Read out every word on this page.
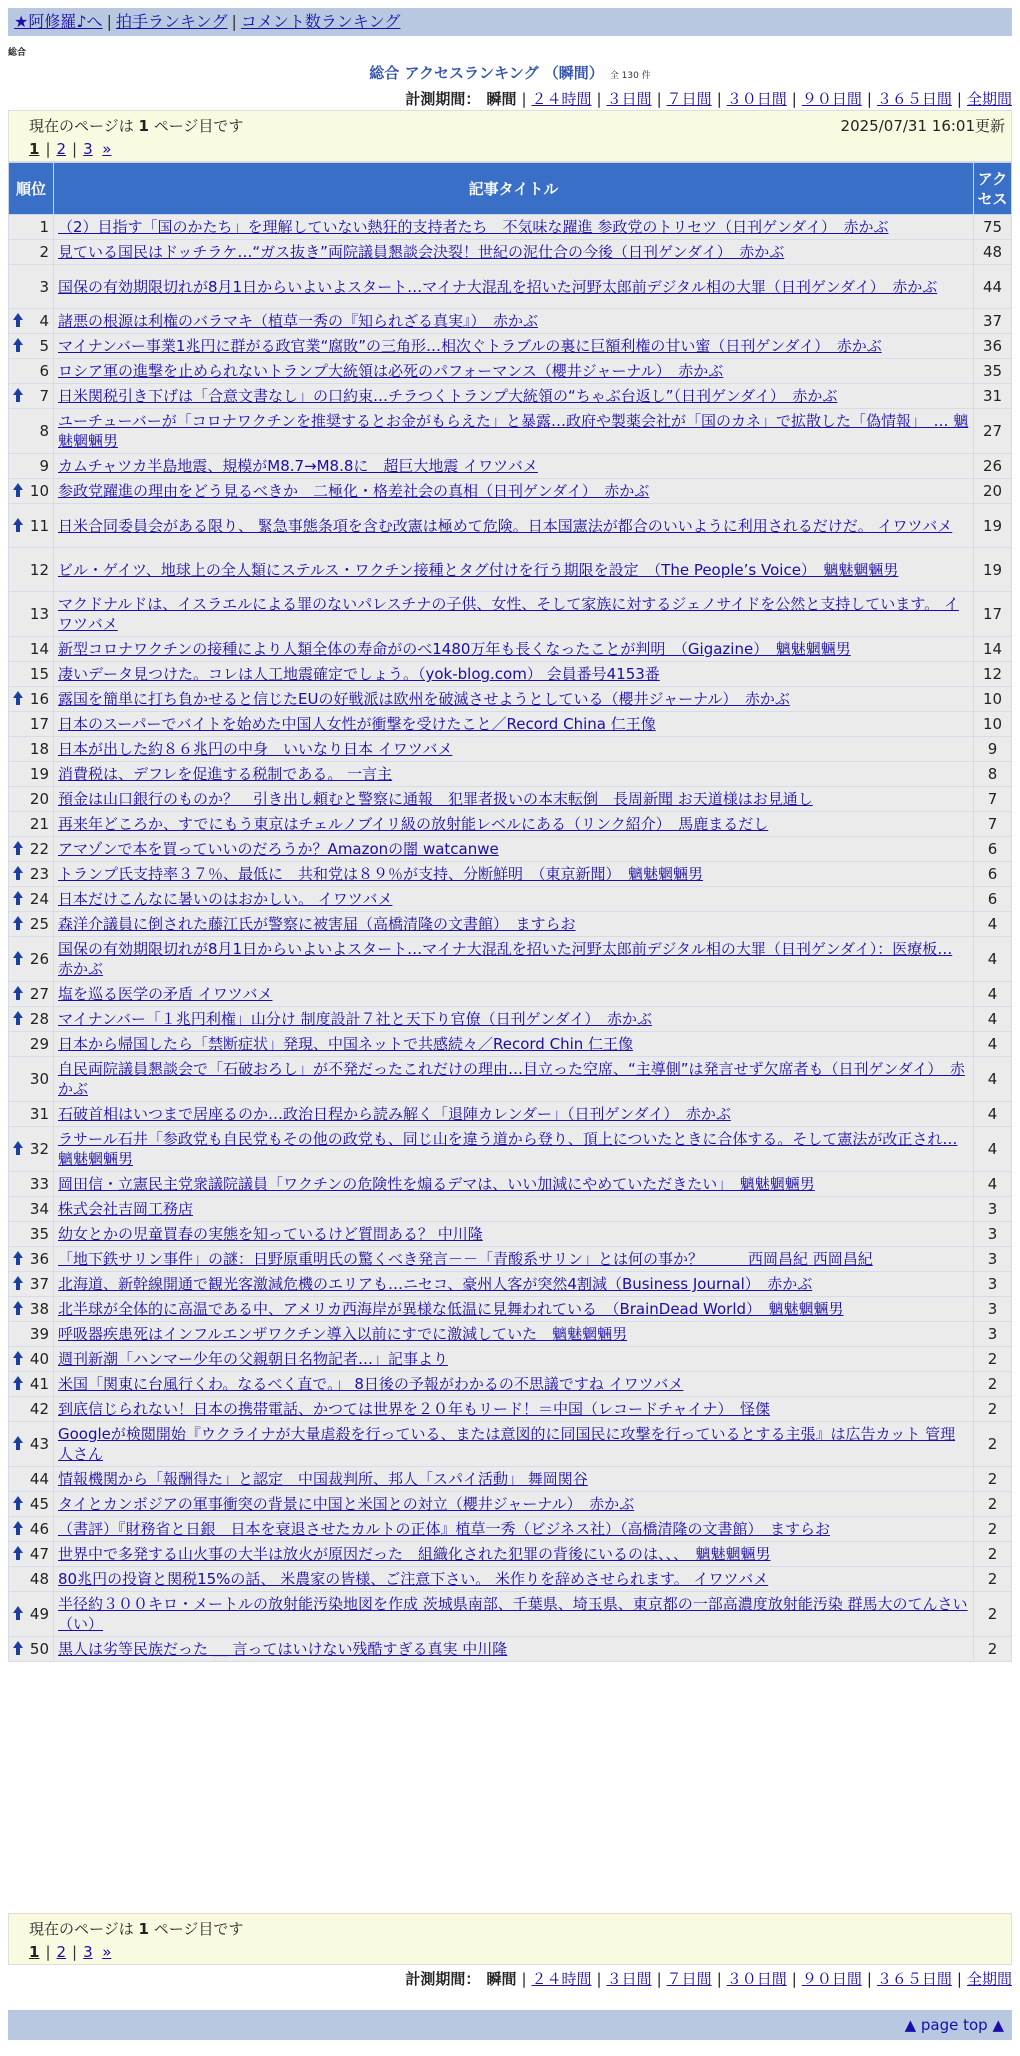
★阿修羅♪へ | 拍手ランキング | コメント数ランキング
総合
総合 アクセスランキング （瞬間） 全 130 件
計測期間： 瞬間 | ２４時間 | ３日間 | ７日間 | ３０日間 | ９０日間 | ３６５日間 | 全期間
現在のページは 1 ページ目です	2025/07/31 16:01更新
1 | 2 | 3 »
順位	記事タイトル	アクセス
1	（2）目指す「国のかたち」を理解していない熱狂的支持者たち　不気味な躍進 参政党のトリセツ（日刊ゲンダイ）　赤かぶ	75
2	見ている国民はドッチラケ…“ガス抜き”両院議員懇談会決裂！世紀の泥仕合の今後（日刊ゲンダイ）　赤かぶ	48
3	国保の有効期限切れが8月1日からいよいよスタート…マイナ大混乱を招いた河野太郎前デジタル相の大罪（日刊ゲンダイ）　赤かぶ	44

4	諸悪の根源は利権のバラマキ（植草一秀の『知られざる真実』）　赤かぶ	37

5	マイナンバー事業1兆円に群がる政官業“腐敗”の三角形…相次ぐトラブルの裏に巨額利権の甘い蜜（日刊ゲンダイ）　赤かぶ	36
6	ロシア軍の進撃を止められないトランプ大統領は必死のパフォーマンス（櫻井ジャーナル）　赤かぶ	35

7	日米関税引き下げは「合意文書なし」の口約束…チラつくトランプ大統領の“ちゃぶ台返し”（日刊ゲンダイ）　赤かぶ	31
8	ユーチューバーが「コロナワクチンを推奨するとお金がもらえた」と暴露…政府や製薬会社が「国のカネ」で拡散した「偽情報」　… 魑魅魍魎男	27
9	カムチャツカ半島地震、規模がM8.7→M8.8に　超巨大地震 イワツバメ	26

10	参政党躍進の理由をどう見るべきか　二極化・格差社会の真相（日刊ゲンダイ）　赤かぶ	20

11	日米合同委員会がある限り、 緊急事態条項を含む改憲は極めて危険。日本国憲法が都合のいいように利用されるだけだ。 イワツバメ	19
12	ビル・ゲイツ、地球上の全人類にステルス・ワクチン接種とタグ付けを行う期限を設定　（The People’s Voice）　魑魅魍魎男	19
13	マクドナルドは、イスラエルによる罪のないパレスチナの子供、女性、そして家族に対するジェノサイドを公然と支持しています。 イワツバメ	17
14	新型コロナワクチンの接種により人類全体の寿命がのべ1480万年も長くなったことが判明　（Gigazine）　魑魅魍魎男	14
15	凄いデータ見つけた。コレは人工地震確定でしょう。（yok-blog.com） 会員番号4153番	12

16	露国を簡単に打ち負かせると信じたEUの好戦派は欧州を破滅させようとしている（櫻井ジャーナル）　赤かぶ	10
17	日本のスーパーでバイトを始めた中国人女性が衝撃を受けたこと／Record China 仁王像	10
18	日本が出した約８６兆円の中身　いいなり日本 イワツバメ	9
19	消費税は、デフレを促進する税制である。 一言主	8
20	預金は山口銀行のものか？　引き出し頼むと警察に通報　犯罪者扱いの本末転倒　長周新聞 お天道様はお見通し	7
21	再来年どころか、すでにもう東京はチェルノブイリ級の放射能レベルにある（リンク紹介）　馬鹿まるだし	7

22	アマゾンで本を買っていいのだろうか？Amazonの闇 watcanwe	6

23	トランプ氏支持率３７％、最低に　共和党は８９％が支持、分断鮮明　（東京新聞）　魑魅魍魎男	6

24	日本だけこんなに暑いのはおかしい。 イワツバメ	6

25	森洋介議員に倒された藤江氏が警察に被害届（高橋清隆の文書館）　ますらお	4

26	国保の有効期限切れが8月1日からいよいよスタート…マイナ大混乱を招いた河野太郎前デジタル相の大罪（日刊ゲンダイ）：医療板… 赤かぶ	4

27	塩を巡る医学の矛盾 イワツバメ	4

28	マイナンバー「１兆円利権」山分け 制度設計７社と天下り官僚（日刊ゲンダイ）　赤かぶ	4
29	日本から帰国したら「禁断症状」発現、中国ネットで共感続々／Record Chin 仁王像	4
30	自民両院議員懇談会で「石破おろし」が不発だったこれだけの理由…目立った空席、“主導側”は発言せず欠席者も（日刊ゲンダイ）　赤かぶ	4
31	石破首相はいつまで居座るのか…政治日程から読み解く「退陣カレンダー」（日刊ゲンダイ）　赤かぶ	4

32	ラサール石井「参政党も自民党もその他の政党も、同じ山を違う道から登り、頂上についたときに合体する。そして憲法が改正され… 魑魅魍魎男	4
33	岡田信・立憲民主党衆議院議員「ワクチンの危険性を煽るデマは、いい加減にやめていただきたい」　魑魅魍魎男	4
34	株式会社吉岡工務店	3
35	幼女とかの児童買春の実態を知っているけど質問ある？ 中川隆	3

36	「地下鉄サリン事件」の謎：日野原重明氏の驚くべき発言－－「青酸系サリン」とは何の事か？　　　西岡昌紀 西岡昌紀	3

37	北海道、新幹線開通で観光客激減危機のエリアも…ニセコ、豪州人客が突然4割減（Business Journal）　赤かぶ	3

38	北半球が全体的に高温である中、アメリカ西海岸が異様な低温に見舞われている　（BrainDead World）　魑魅魍魎男	3
39	呼吸器疾患死はインフルエンザワクチン導入以前にすでに激減していた　魑魅魍魎男	3

40	週刊新潮「ハンマー少年の父親朝日名物記者…」記事より	2

41	米国「関東に台風行くわ。なるべく直で。」 8日後の予報がわかるの不思議ですね イワツバメ	2
42	到底信じられない！日本の携帯電話、かつては世界を２０年もリード！＝中国（レコードチャイナ）　怪傑	2

43	Googleが検閲開始『ウクライナが大量虐殺を行っている、または意図的に同国民に攻撃を行っているとする主張』は広告カット 管理人さん	2
44	情報機関から「報酬得た」と認定　中国裁判所、邦人「スパイ活動」 舞岡関谷	2

45	タイとカンボジアの軍事衝突の背景に中国と米国との対立（櫻井ジャーナル）　赤かぶ	2

46	（書評）『財務省と日銀　日本を衰退させたカルトの正体』植草一秀（ビジネス社）（高橋清隆の文書館）　ますらお	2

47	世界中で多発する山火事の大半は放火が原因だった　組織化された犯罪の背後にいるのは、、、　魑魅魍魎男	2
48	80兆円の投資と関税15%の話、 米農家の皆様、ご注意下さい。 米作りを辞めさせられます。 イワツバメ	2

49	半径約３００キロ・メートルの放射能汚染地図を作成 茨城県南部、千葉県、埼玉県、東京都の一部高濃度放射能汚染 群馬大のてんさい（い）	2

50	黒人は劣等民族だった ＿ 言ってはいけない残酷すぎる真実 中川隆	2
現在のページは 1 ページ目です
1 | 2 | 3 »
計測期間： 瞬間 | ２４時間 | ３日間 | ７日間 | ３０日間 | ９０日間 | ３６５日間 | 全期間
▲ page top ▲
